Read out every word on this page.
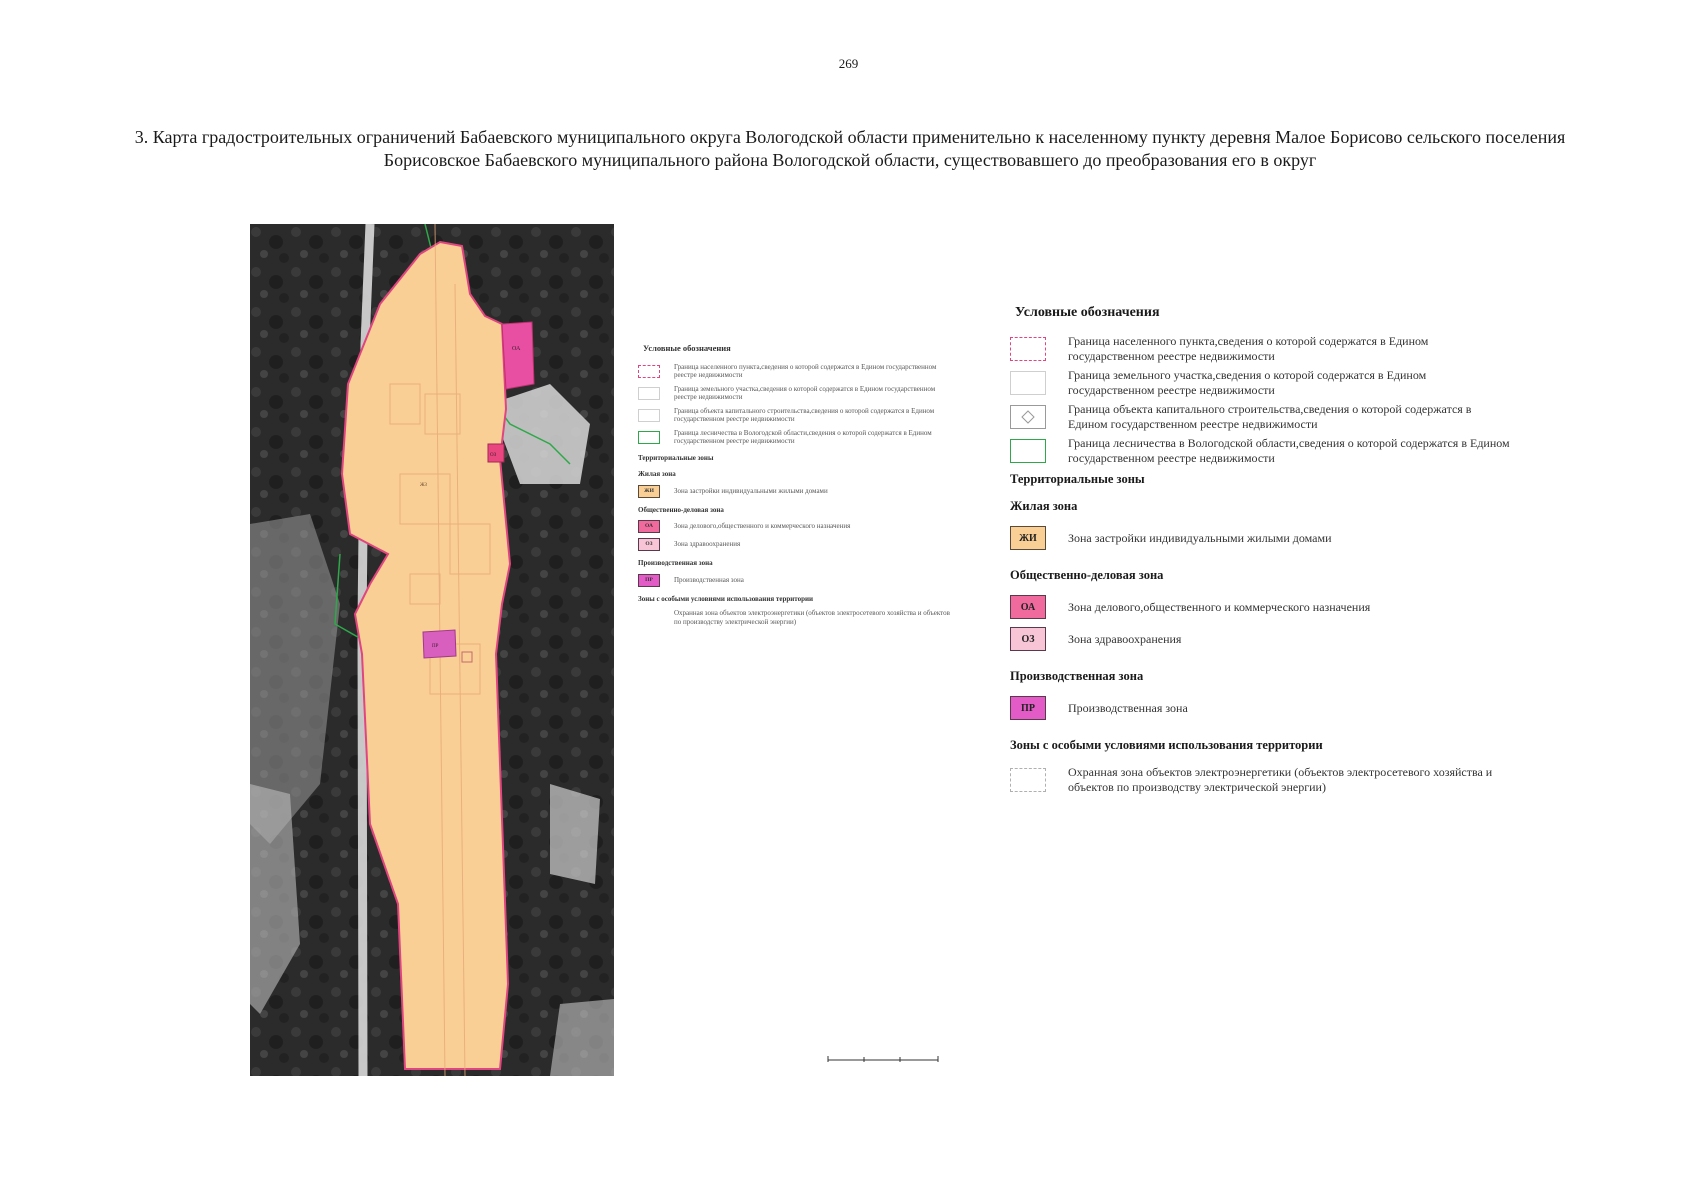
269
3. Карта градостроительных ограничений Бабаевского муниципального округа Вологодской области применительно к населенному пункту деревня Малое Борисово сельского поселения Борисовское Бабаевского муниципального района Вологодской области, существовавшего до преобразования его в округ
ОА
ОЗ
ПР
ЖЗ
Условные обозначения
Граница населенного пункта,сведения о которой содержатся в Едином государственном реестре недвижимости
Граница земельного участка,сведения о которой содержатся в Едином государственном реестре недвижимости
Граница объекта капитального строительства,сведения о которой содержатся в Едином государственном реестре недвижимости
Граница лесничества в Вологодской области,сведения о которой содержатся в Едином государственном реестре недвижимости
Территориальные зоны
Жилая зона
ЖИ	Зона застройки индивидуальными жилыми домами
Общественно-деловая зона
ОА	Зона делового,общественного и коммерческого назначения
ОЗ	Зона здравоохранения
Производственная зона
ПР	Производственная зона
Зоны с особыми условиями использования территории
Охранная зона объектов электроэнергетики (объектов электросетевого хозяйства и объектов по производству электрической энергии)
Условные обозначения
Граница населенного пункта,сведения о которой содержатся в Едином государственном реестре недвижимости
Граница земельного участка,сведения о которой содержатся в Едином государственном реестре недвижимости
Граница объекта капитального строительства,сведения о которой содержатся в Едином государственном реестре недвижимости
Граница лесничества в Вологодской области,сведения о которой содержатся в Едином государственном реестре недвижимости
Территориальные зоны
Жилая зона
ЖИ	Зона застройки индивидуальными жилыми домами
Общественно-деловая зона
ОА	Зона делового,общественного и коммерческого назначения
ОЗ	Зона здравоохранения
Производственная зона
ПР	Производственная зона
Зоны с особыми условиями использования территории
Охранная зона объектов электроэнергетики (объектов электросетевого хозяйства и объектов по производству электрической энергии)
